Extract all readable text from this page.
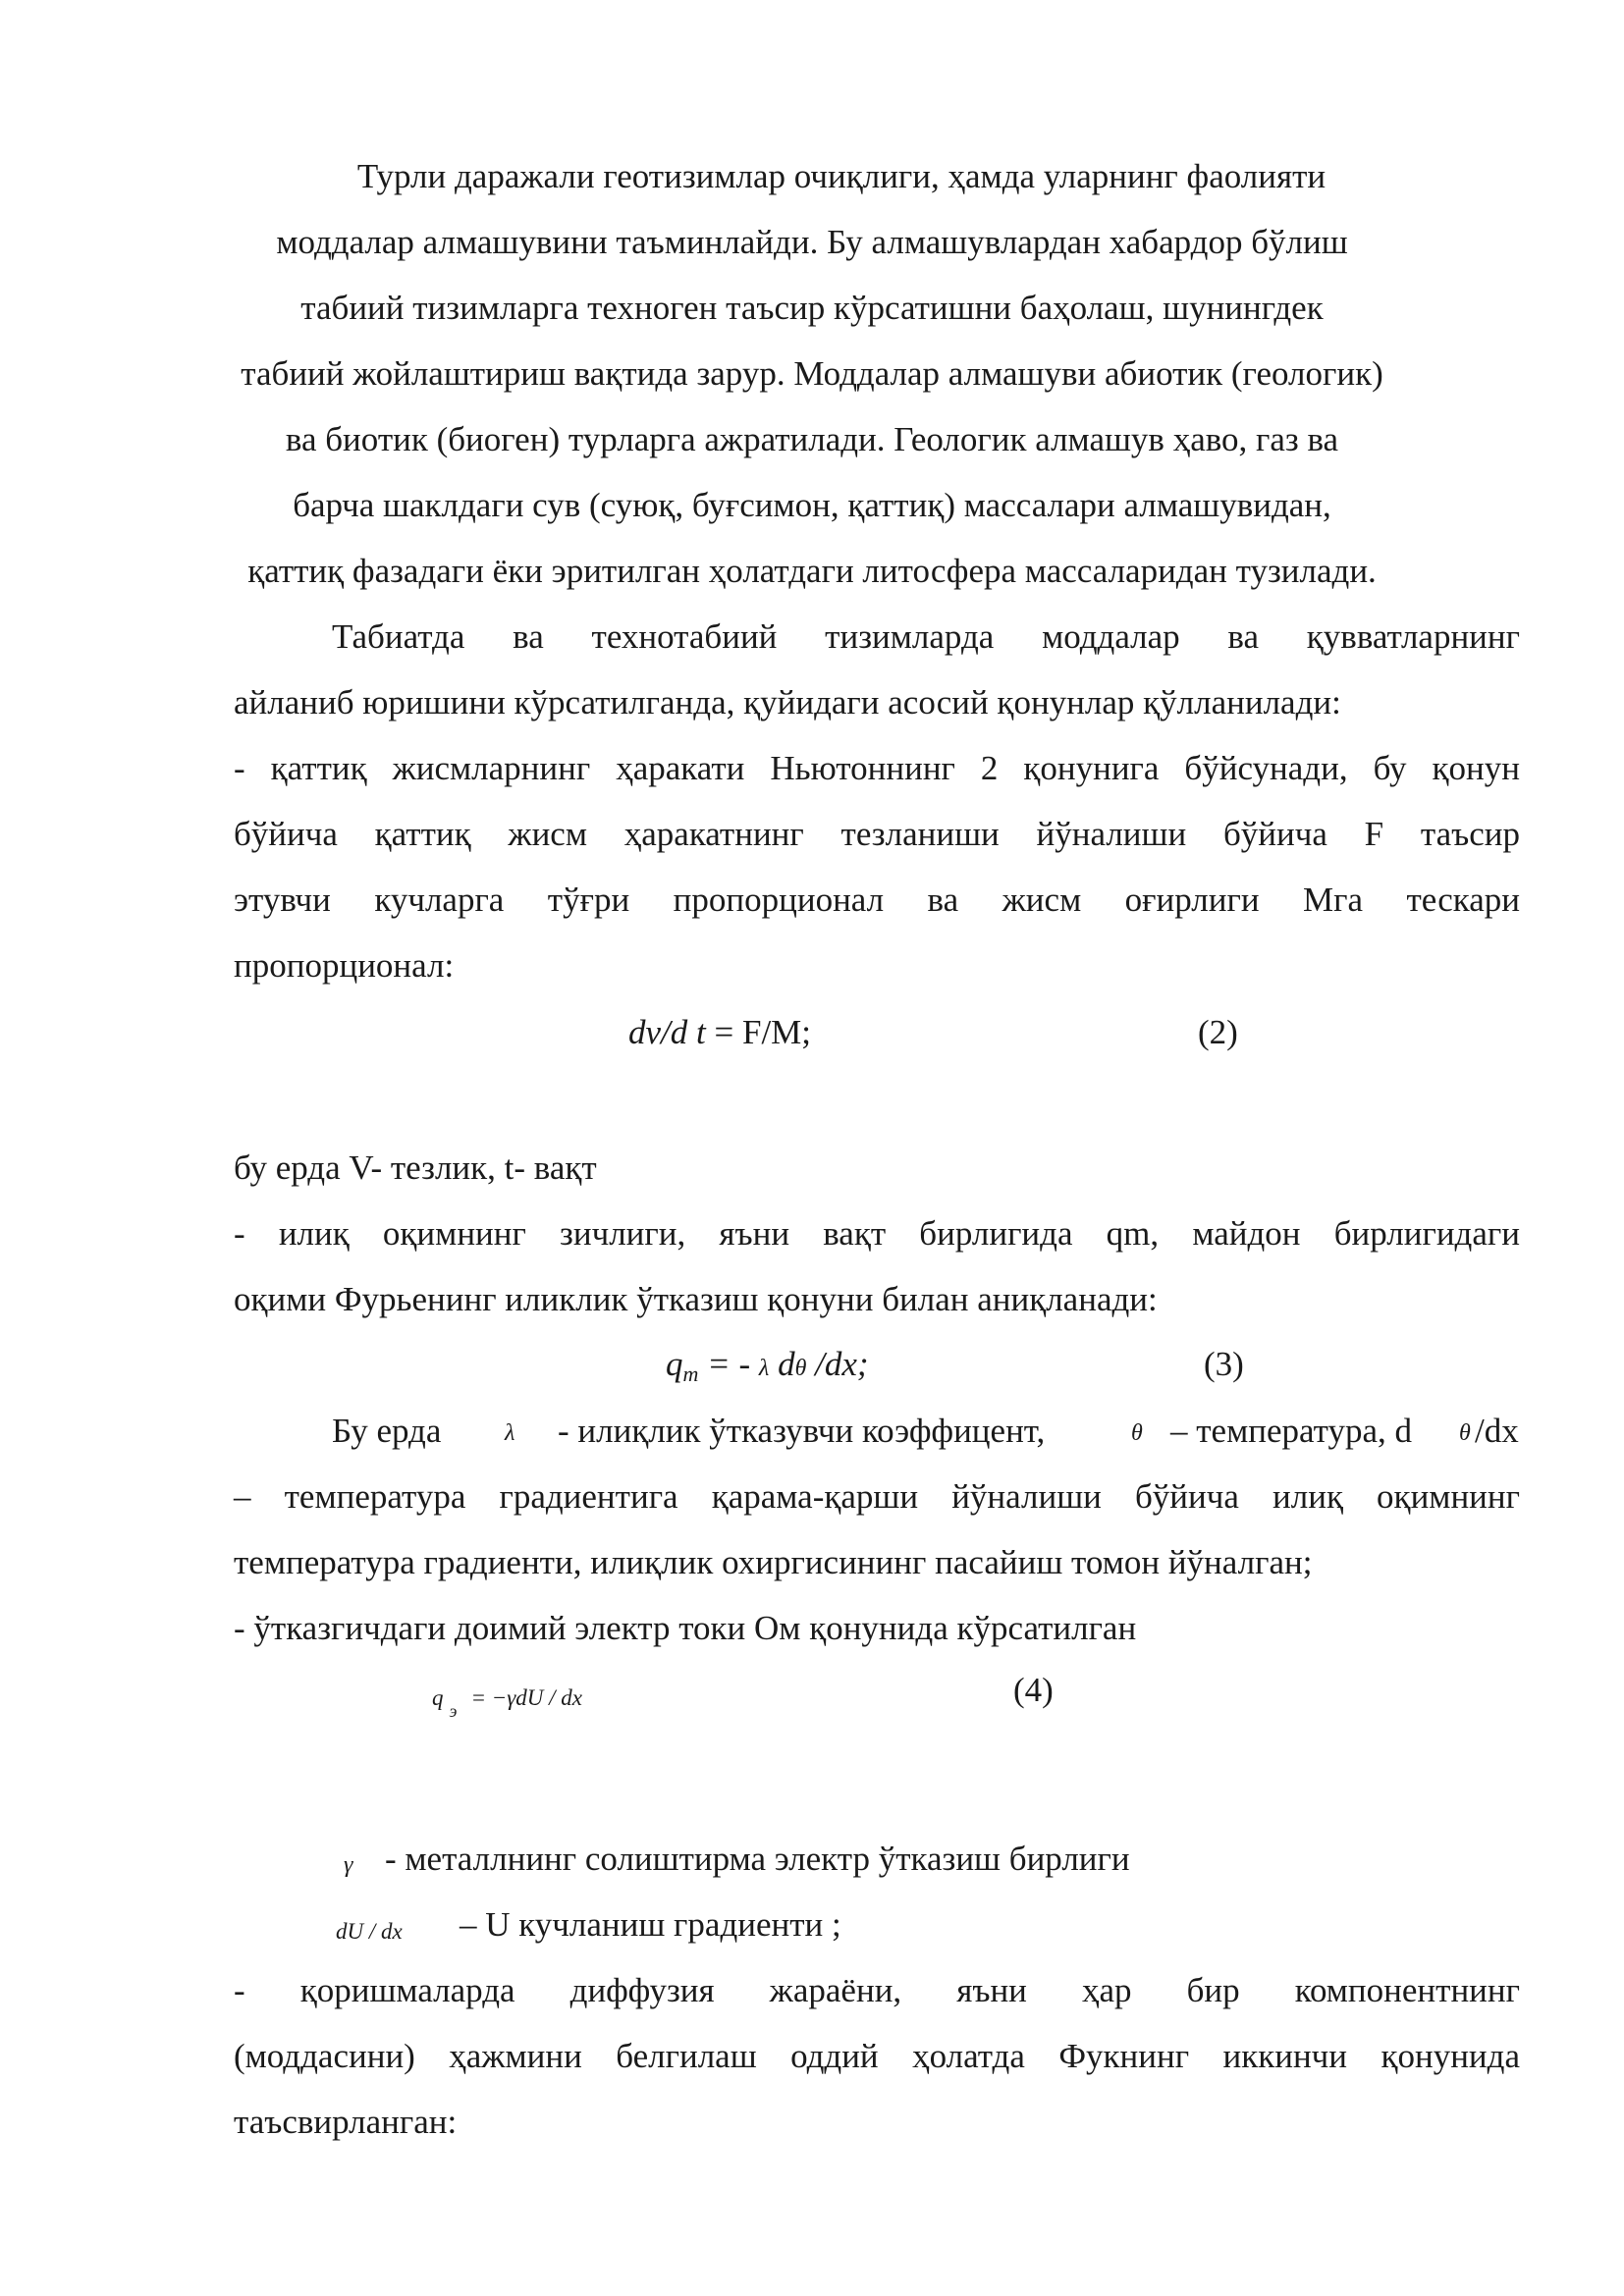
Турли даражали геотизимлар очиқлиги, ҳамда уларнинг фаолияти
моддалар алмашувини таъминлайди. Бу алмашувлардан хабардор бўлиш
табиий тизимларга техноген таъсир кўрсатишни баҳолаш, шунингдек
табиий жойлаштириш вақтида зарур. Моддалар алмашуви абиотик (геологик)
ва биотик (биоген) турларга ажратилади. Геологик алмашув ҳаво, газ ва
барча шаклдаги сув (суюқ, буғсимон, қаттиқ) массалари алмашувидан,
қаттиқ фазадаги ёки эритилган ҳолатдаги литосфера массаларидан тузилади.
Табиатда ва технотабиий тизимларда моддалар ва қувватларнинг
айланиб юришини кўрсатилганда, қуйидаги асосий қонунлар қўлланилади:
- қаттиқ жисмларнинг ҳаракати Ньютоннинг 2 қонунига бўйсунади, бу қонун
бўйича қаттиқ жисм ҳаракатнинг тезланиши йўналиши бўйича F таъсир
этувчи кучларга тўғри пропорционал ва жисм оғирлиги Мга тескари
пропорционал:
dv/d t = F/M;	(2)
бу ерда V- тезлик, t- вақт
- илиқ оқимнинг зичлиги, яъни вақт бирлигида qm, майдон бирлигидаги
оқими Фурьенинг иликлик ўтказиш қонуни билан аниқланади:
$q_m$ = - λ dθ /dx;	(3)
Бу ерда	λ - илиқлик ўтказувчи коэффицент,	θ – температура, d θ /dx
– температура градиентига қарама-қарши йўналиши бўйича илиқ оқимнинг
температура градиенти, илиқлик охиргисининг пасайиш томон йўналган;
- ўтказгичдаги доимий электр токи Ом қонунида кўрсатилган
$q_э= -\gamma dU$ / dx	(4)
γ - металлнинг солиштирма электр ўтказиш бирлиги
dU / dx – U кучланиш градиенти ;
- қоришмаларда диффузия жараёни, яъни ҳар бир компонентнинг
(моддасини) ҳажмини белгилаш оддий ҳолатда Фукнинг иккинчи қонунида
таъсвирланган:
